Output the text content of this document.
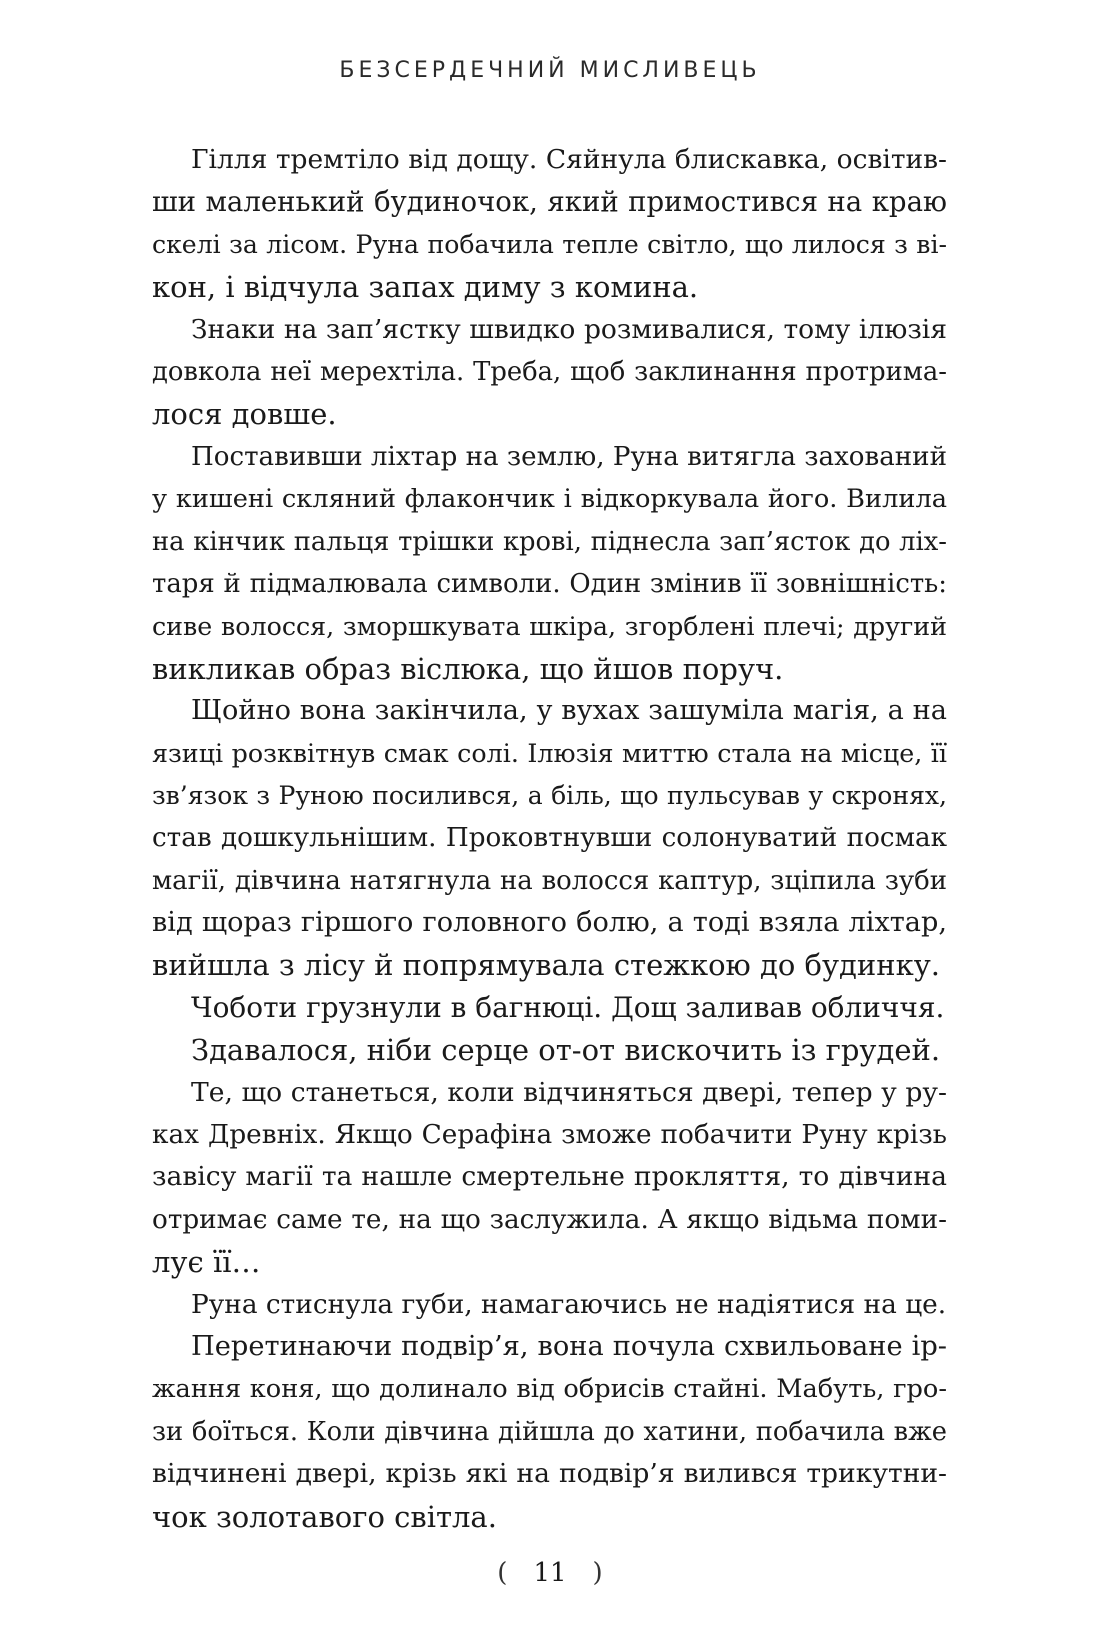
БЕЗСЕРДЕЧНИЙ МИСЛИВЕЦЬ
Гілля тремтіло від дощу. Сяйнула блискавка, освітив-
ши маленький будиночок, який примостився на краю
скелі за лісом. Руна побачила тепле світло, що лилося з ві-
кон, і відчула запах диму з комина.
Знаки на зап’ястку швидко розмивалися, тому ілюзія
довкола неї мерехтіла. Треба, щоб заклинання протрима-
лося довше.
Поставивши ліхтар на землю, Руна витягла захований
у кишені скляний флакончик і відкоркувала його. Вилила
на кінчик пальця трішки крові, піднесла зап’ясток до ліх-
таря й підмалювала символи. Один змінив її зовнішність:
сиве волосся, зморшкувата шкіра, згорблені плечі; другий
викликав образ віслюка, що йшов поруч.
Щойно вона закінчила, у вухах зашуміла магія, а на
язиці розквітнув смак солі. Ілюзія миттю стала на місце, її
зв’язок з Руною посилився, а біль, що пульсував у скронях,
став дошкульнішим. Проковтнувши солонуватий посмак
магії, дівчина натягнула на волосся каптур, зціпила зуби
від щораз гіршого головного болю, а тоді взяла ліхтар,
вийшла з лісу й попрямувала стежкою до будинку.
Чоботи грузнули в багнюці. Дощ заливав обличчя.
Здавалося, ніби серце от-от вискочить із грудей.
Те, що станеться, коли відчиняться двері, тепер у ру-
ках Древніх. Якщо Серафіна зможе побачити Руну крізь
завісу магії та нашле смертельне прокляття, то дівчина
отримає саме те, на що заслужила. А якщо відьма поми-
лує її…
Руна стиснула губи, намагаючись не надіятися на це.
Перетинаючи подвір’я, вона почула схвильоване ір-
жання коня, що долинало від обрисів стайні. Мабуть, гро-
зи боїться. Коли дівчина дійшла до хатини, побачила вже
відчинені двері, крізь які на подвір’я вилився трикутни-
чок золотавого світла.
( 11 )
